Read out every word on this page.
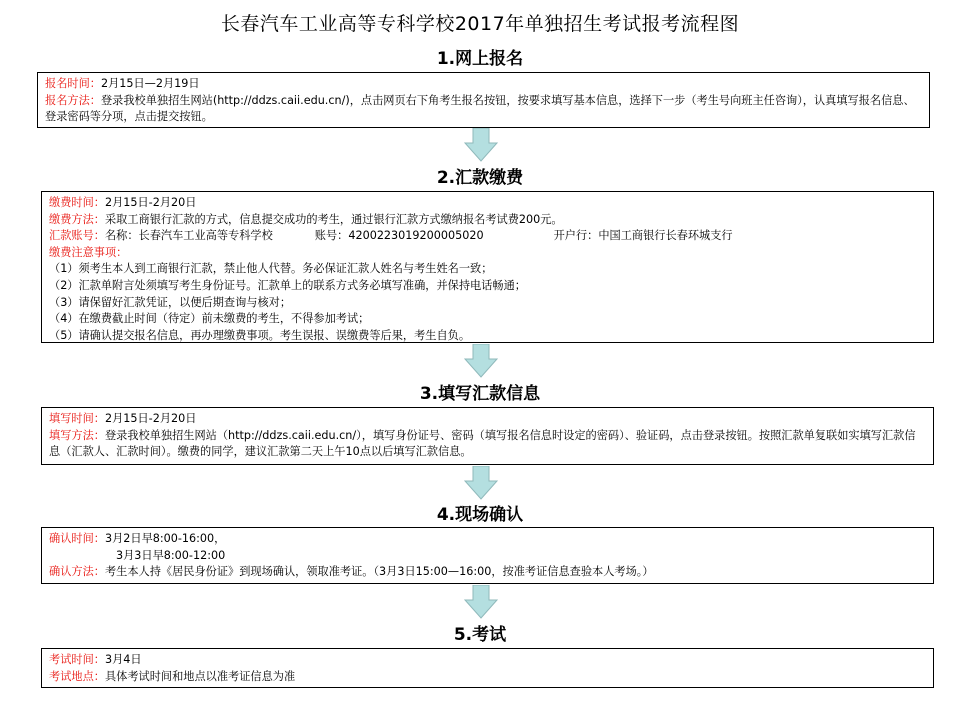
长春汽车工业高等专科学校2017年单独招生考试报考流程图
1.网上报名
报名时间：2月15日—2月19日
报名方法：登录我校单独招生网站(http://ddzs.caii.edu.cn/)，点击网页右下角考生报名按钮，按要求填写基本信息，选择下一步（考生号向班主任咨询），认真填写报名信息、登录密码等分项，点击提交按钮。
2.汇款缴费
缴费时间：2月15日-2月20日
缴费方法：采取工商银行汇款的方式，信息提交成功的考生，通过银行汇款方式缴纳报名考试费200元。
汇款账号：名称：长春汽车工业高等专科学校	账号：4200223019200005020	开户行：中国工商银行长春环城支行
缴费注意事项：
（1）须考生本人到工商银行汇款，禁止他人代替。务必保证汇款人姓名与考生姓名一致；
（2）汇款单附言处须填写考生身份证号。汇款单上的联系方式务必填写准确，并保持电话畅通；
（3）请保留好汇款凭证，以便后期查询与核对；
（4）在缴费截止时间（待定）前未缴费的考生，不得参加考试；
（5）请确认提交报名信息，再办理缴费事项。考生误报、误缴费等后果，考生自负。
3.填写汇款信息
填写时间：2月15日-2月20日
填写方法：登录我校单独招生网站（http://ddzs.caii.edu.cn/），填写身份证号、密码（填写报名信息时设定的密码）、验证码，点击登录按钮。按照汇款单复联如实填写汇款信息（汇款人、汇款时间）。缴费的同学，建议汇款第二天上午10点以后填写汇款信息。
4.现场确认
确认时间：3月2日早8:00-16:00，
3月3日早8:00-12:00
确认方法：考生本人持《居民身份证》到现场确认，领取准考证。（3月3日15:00—16:00，按准考证信息查验本人考场。）
5.考试
考试时间：3月4日
考试地点：具体考试时间和地点以准考证信息为准
